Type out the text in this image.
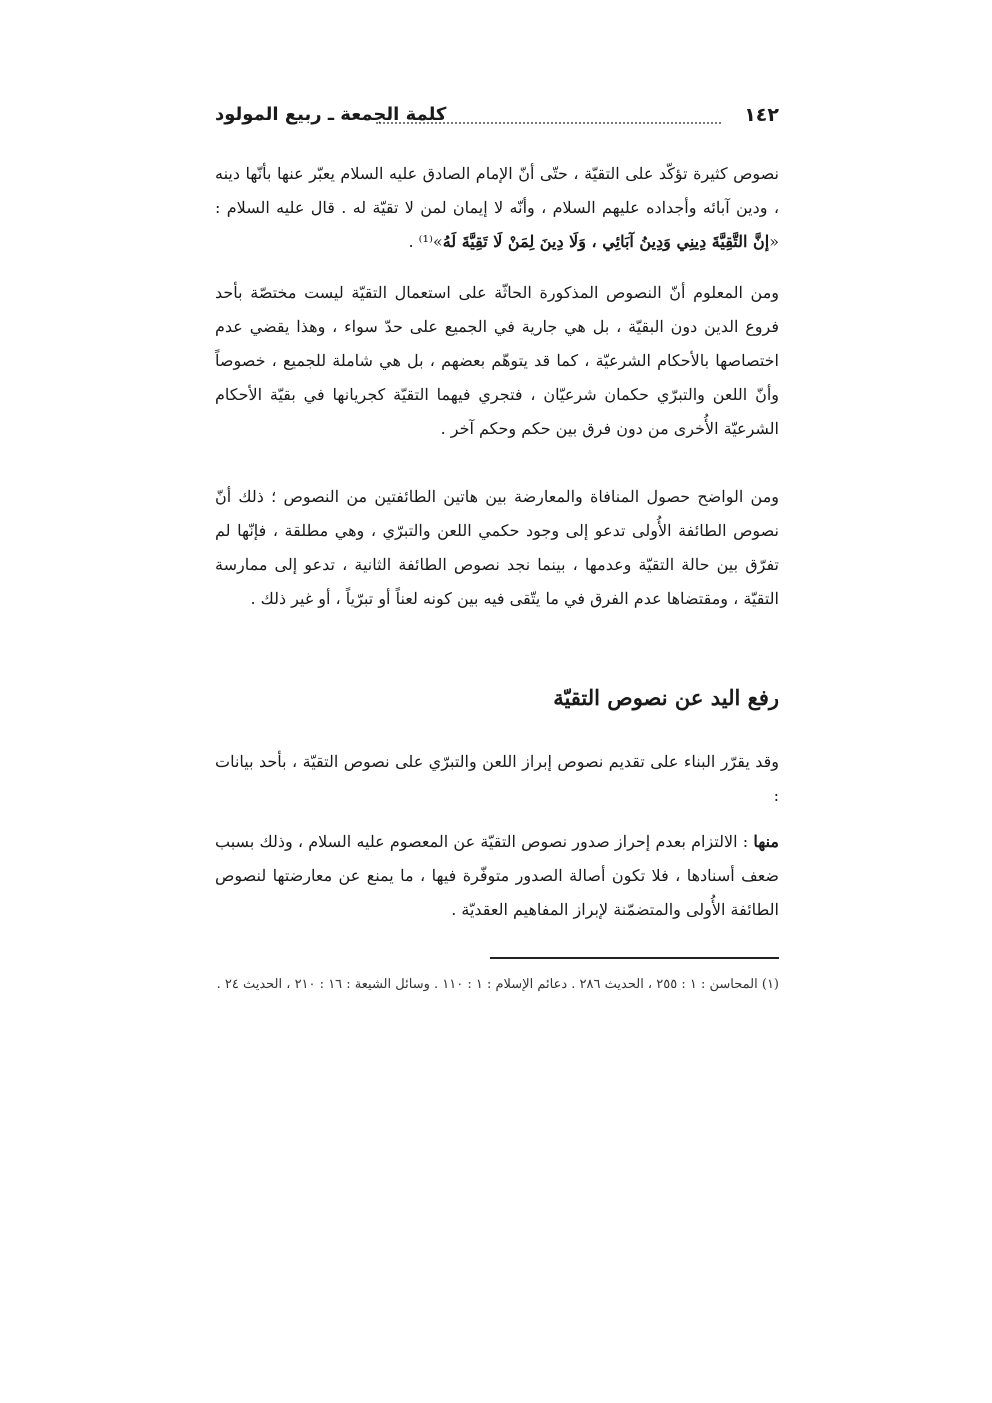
١٤٢
كلمة الجمعة ـ ربيع المولود

نصوص كثيرة تؤكّد على التقيّة ، حتّى أنّ الإمام الصادق عليه السلام يعبّر عنها بأنّها دينه ، ودين آبائه وأجداده عليهم السلام ، وأنّه لا إيمان لمن لا تقيّة له . قال عليه السلام : «إنَّ التَّقِيَّةَ دِينِي وَدِينُ آبَائِي ، وَلَا دِينَ لِمَنْ لَا تَقِيَّةَ لَهُ»⁽¹⁾ .

ومن المعلوم أنّ النصوص المذكورة الحاثّة على استعمال التقيّة ليست مختصّة بأحد فروع الدين دون البقيّة ، بل هي جارية في الجميع على حدّ سواء ، وهذا يقضي عدم اختصاصها بالأحكام الشرعيّة ، كما قد يتوهّم بعضهم ، بل هي شاملة للجميع ، خصوصاً وأنّ اللعن والتبرّي حكمان شرعيّان ، فتجري فيهما التقيّة كجريانها في بقيّة الأحكام الشرعيّة الأُخرى من دون فرق بين حكم وحكم آخر .

ومن الواضح حصول المنافاة والمعارضة بين هاتين الطائفتين من النصوص ؛ ذلك أنّ نصوص الطائفة الأُولى تدعو إلى وجود حكمي اللعن والتبرّي ، وهي مطلقة ، فإنّها لم تفرّق بين حالة التقيّة وعدمها ، بينما نجد نصوص الطائفة الثانية ، تدعو إلى ممارسة التقيّة ، ومقتضاها عدم الفرق في ما يتّقى فيه بين كونه لعناً أو تبرّياً ، أو غير ذلك .

رفع اليد عن نصوص التقيّة

وقد يقرّر البناء على تقديم نصوص إبراز اللعن والتبرّي على نصوص التقيّة ، بأحد بيانات :

منها : الالتزام بعدم إحراز صدور نصوص التقيّة عن المعصوم عليه السلام ، وذلك بسبب ضعف أسنادها ، فلا تكون أصالة الصدور متوفّرة فيها ، ما يمنع عن معارضتها لنصوص الطائفة الأُولى والمتضمّنة لإبراز المفاهيم العقديّة .

(١) المحاسن : ١ : ٢٥٥ ، الحديث ٢٨٦ . دعائم الإسلام : ١ : ١١٠ . وسائل الشيعة : ١٦ : ٢١٠ ، الحديث ٢٤ .
